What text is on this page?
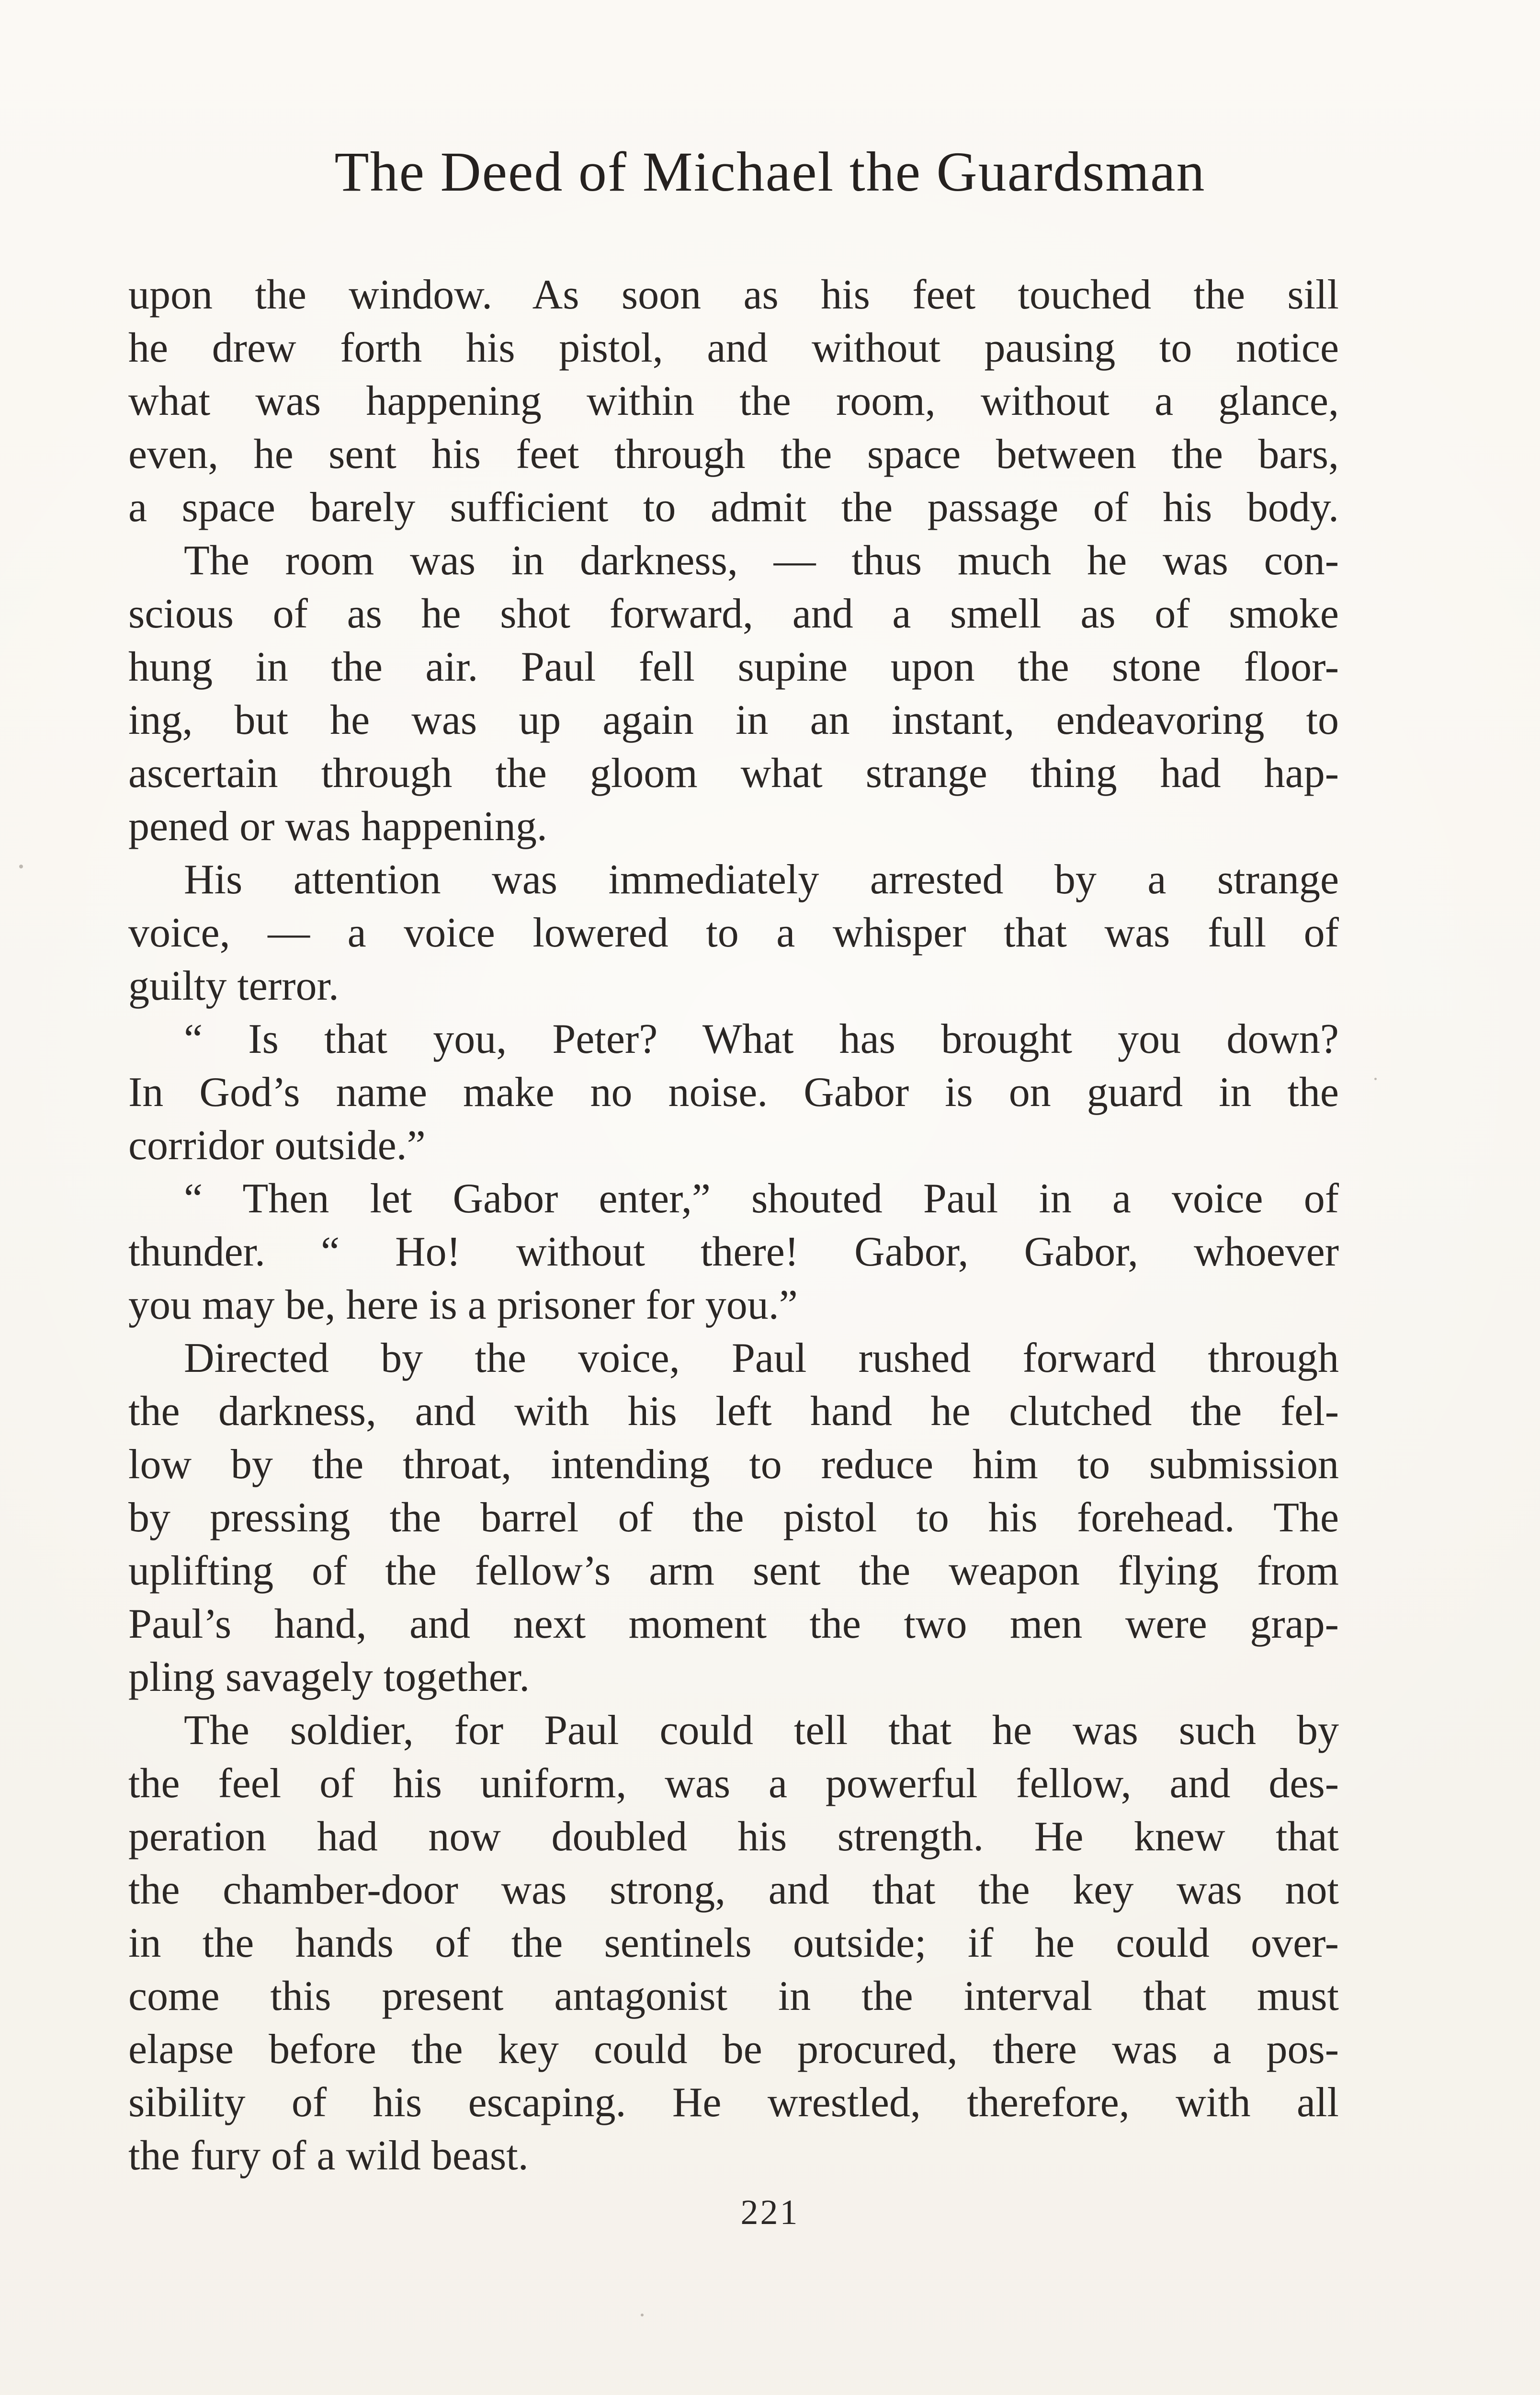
The Deed of Michael the Guardsman
upon the window. As soon as his feet touched the sill
he drew forth his pistol, and without pausing to notice
what was happening within the room, without a glance,
even, he sent his feet through the space between the bars,
a space barely sufficient to admit the passage of his body.
The room was in darkness, — thus much he was con-
scious of as he shot forward, and a smell as of smoke
hung in the air. Paul fell supine upon the stone floor-
ing, but he was up again in an instant, endeavoring to
ascertain through the gloom what strange thing had hap-
pened or was happening.
His attention was immediately arrested by a strange
voice, — a voice lowered to a whisper that was full of
guilty terror.
“ Is that you, Peter? What has brought you down?
In God’s name make no noise. Gabor is on guard in the
corridor outside.”
“ Then let Gabor enter,” shouted Paul in a voice of
thunder. “ Ho! without there! Gabor, Gabor, whoever
you may be, here is a prisoner for you.”
Directed by the voice, Paul rushed forward through
the darkness, and with his left hand he clutched the fel-
low by the throat, intending to reduce him to submission
by pressing the barrel of the pistol to his forehead. The
uplifting of the fellow’s arm sent the weapon flying from
Paul’s hand, and next moment the two men were grap-
pling savagely together.
The soldier, for Paul could tell that he was such by
the feel of his uniform, was a powerful fellow, and des-
peration had now doubled his strength. He knew that
the chamber-door was strong, and that the key was not
in the hands of the sentinels outside; if he could over-
come this present antagonist in the interval that must
elapse before the key could be procured, there was a pos-
sibility of his escaping. He wrestled, therefore, with all
the fury of a wild beast.
221
